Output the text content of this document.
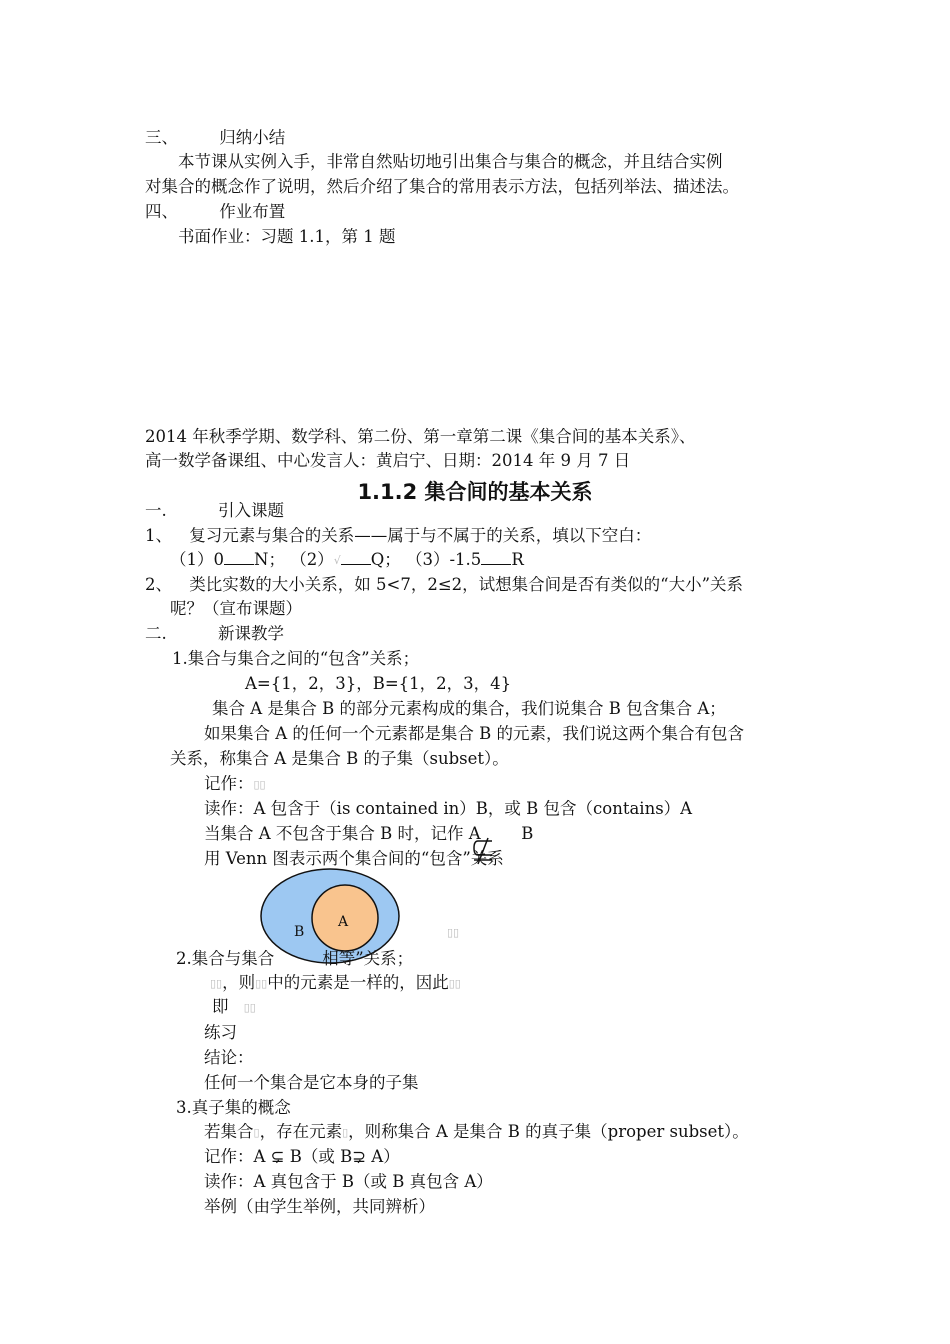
三、	归纳小结
本节课从实例入手，非常自然贴切地引出集合与集合的概念，并且结合实例
对集合的概念作了说明，然后介绍了集合的常用表示方法，包括列举法、描述法。
四、	作业布置
书面作业：习题 1.1，第 1 题
2014 年秋季学期、数学科、第二份、第一章第二课《集合间的基本关系》、
高一数学备课组、中心发言人：黄启宁、日期：2014 年 9 月 7 日
1.1.2 集合间的基本关系
一.	引入课题
1、 复习元素与集合的关系——属于与不属于的关系，填以下空白：
（1）0 N； （2）√ Q； （3）-1.5 R
2、 类比实数的大小关系，如 5<7，2≤2，试想集合间是否有类似的“大小”关系
呢？（宣布课题）
二.	新课教学
1.集合与集合之间的“包含”关系；
A={1，2，3}，B={1，2，3，4}
集合 A 是集合 B 的部分元素构成的集合，我们说集合 B 包含集合 A；
如果集合 A 的任何一个元素都是集合 B 的元素，我们说这两个集合有包含
关系，称集合 A 是集合 B 的子集（subset）。
记作：▯▯
读作：A 包含于（is contained in）B，或 B 包含（contains）A
当集合 A 不包含于集合 B 时，记作 A B
用 Venn 图表示两个集合间的“包含”关系
B
A
▯▯
2.集合与集合	相等”关系；
▯▯，则▯▯中的元素是一样的，因此▯▯
即 ▯▯
练习
结论：
任何一个集合是它本身的子集
3.真子集的概念
若集合▯，存在元素▯，则称集合 A 是集合 B 的真子集（proper subset）。
记作：A ⊊ B（或 B⊋ A）
读作：A 真包含于 B（或 B 真包含 A）
举例（由学生举例，共同辨析）
